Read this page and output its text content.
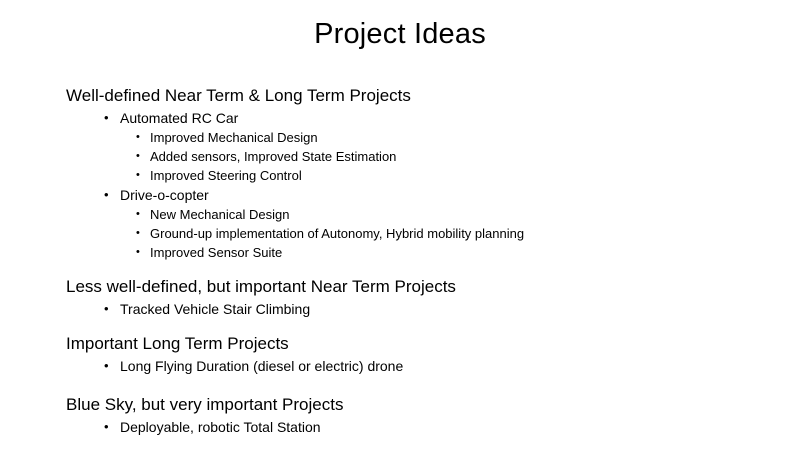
Project Ideas

Well-defined Near Term & Long Term Projects

• Automated RC Car

• Improved Mechanical Design

• Added sensors, Improved State Estimation

• Improved Steering Control

• Drive-o-copter

• New Mechanical Design

• Ground-up implementation of Autonomy, Hybrid mobility planning

• Improved Sensor Suite

Less well-defined, but important Near Term Projects

• Tracked Vehicle Stair Climbing

Important Long Term Projects

• Long Flying Duration (diesel or electric) drone

Blue Sky, but very important Projects

• Deployable, robotic Total Station
